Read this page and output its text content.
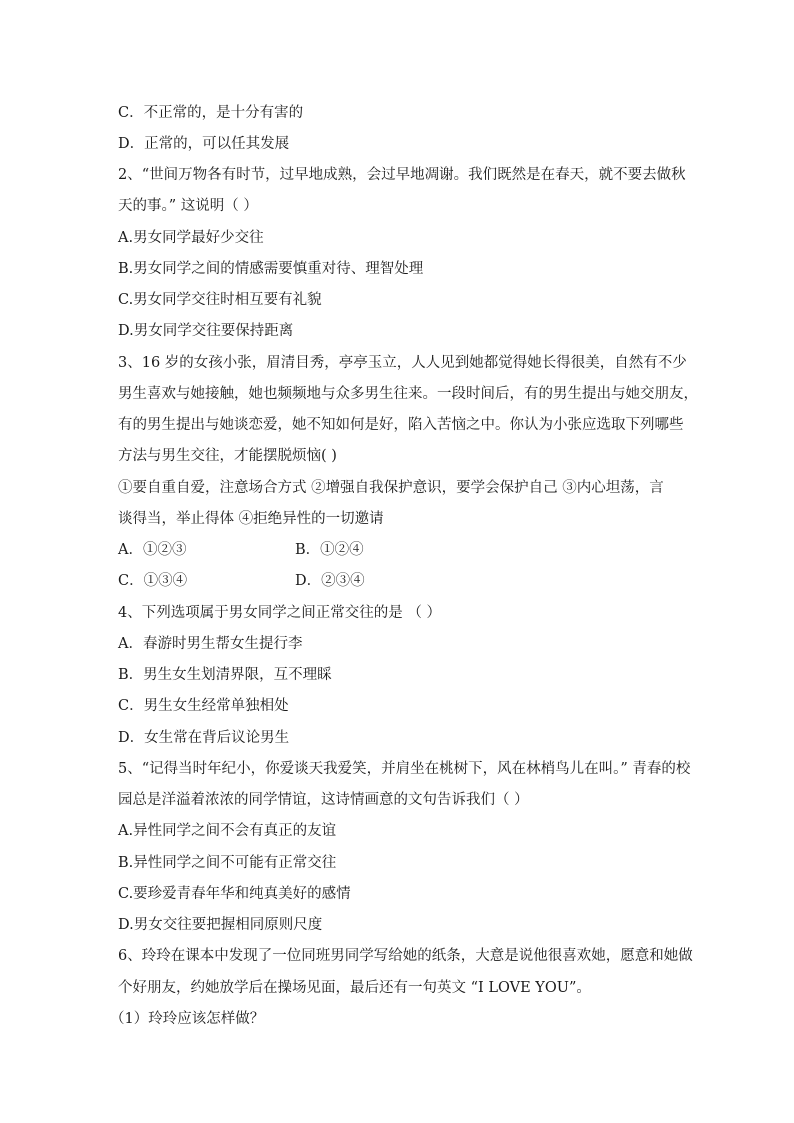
C．不正常的，是十分有害的
D．正常的，可以任其发展
2、“世间万物各有时节，过早地成熟，会过早地凋谢。我们既然是在春天，就不要去做秋
天的事。” 这说明（ ）
A.男女同学最好少交往
B.男女同学之间的情感需要慎重对待、理智处理
C.男女同学交往时相互要有礼貌
D.男女同学交往要保持距离
3、16 岁的女孩小张，眉清目秀，亭亭玉立，人人见到她都觉得她长得很美，自然有不少
男生喜欢与她接触，她也频频地与众多男生往来。一段时间后，有的男生提出与她交朋友，
有的男生提出与她谈恋爱，她不知如何是好，陷入苦恼之中。你认为小张应选取下列哪些
方法与男生交往，才能摆脱烦恼( )
①要自重自爱，注意场合方式 ②增强自我保护意识，要学会保护自己 ③内心坦荡，言
谈得当，举止得体 ④拒绝异性的一切邀请
A．①②③	B．①②④
C．①③④	D．②③④
4、下列选项属于男女同学之间正常交往的是 （ ）
A．春游时男生帮女生提行李
B．男生女生划清界限，互不理睬
C．男生女生经常单独相处
D．女生常在背后议论男生
5、“记得当时年纪小，你爱谈天我爱笑，并肩坐在桃树下，风在林梢鸟儿在叫。” 青春的校
园总是洋溢着浓浓的同学情谊，这诗情画意的文句告诉我们（ ）
A.异性同学之间不会有真正的友谊
B.异性同学之间不可能有正常交往
C.要珍爱青春年华和纯真美好的感情
D.男女交往要把握相同原则尺度
6、玲玲在课本中发现了一位同班男同学写给她的纸条，大意是说他很喜欢她，愿意和她做
个好朋友，约她放学后在操场见面，最后还有一句英文 “I LOVE YOU”。
（1）玲玲应该怎样做？
